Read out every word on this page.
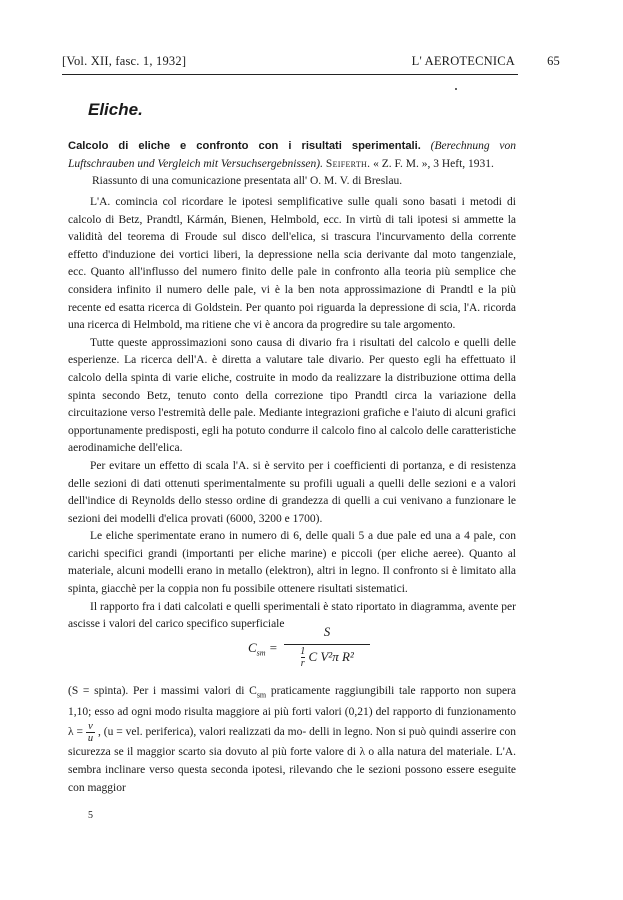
[Vol. XII, fasc. 1, 1932]	L' AEROTECNICA	65
Eliche.

Calcolo di eliche e confronto con i risultati sperimentali. (Berechnung von Luftschrauben und Vergleich mit Versuchsergebnissen). Seiferth. « Z. F. M. », 3 Heft, 1931.

Riassunto di una comunicazione presentata all' O. M. V. di Breslau.

L'A. comincia col ricordare le ipotesi semplificative sulle quali sono basati i metodi di calcolo di Betz, Prandtl, Kármán, Bienen, Helmbold, ecc. In virtù di tali ipotesi si ammette la validità del teorema di Froude sul disco dell'elica, si trascura l'incurvamento della corrente effetto d'induzione dei vortici liberi, la depressione nella scia derivante dal moto tangenziale, ecc. Quanto all'influsso del numero finito delle pale in confronto alla teoria più semplice che considera infinito il numero delle pale, vi è la ben nota approssimazione di Prandtl e la più recente ed esatta ricerca di Goldstein. Per quanto poi riguarda la depressione di scia, l'A. ricorda una ricerca di Helmbold, ma ritiene che vi è ancora da progredire su tale argomento.

Tutte queste approssimazioni sono causa di divario fra i risultati del calcolo e quelli delle esperienze. La ricerca dell'A. è diretta a valutare tale divario. Per questo egli ha effettuato il calcolo della spinta di varie eliche, costruite in modo da realizzare la distribuzione ottima della spinta secondo Betz, tenuto conto della correzione tipo Prandtl circa la variazione della circuitazione verso l'estremità delle pale. Mediante integrazioni grafiche e l'aiuto di alcuni grafici opportunamente predisposti, egli ha potuto condurre il calcolo fino al calcolo delle caratteristiche aerodinamiche dell'elica.

Per evitare un effetto di scala l'A. si è servito per i coefficienti di portanza, e di resistenza delle sezioni di dati ottenuti sperimentalmente su profili uguali a quelli delle sezioni e a valori dell'indice di Reynolds dello stesso ordine di grandezza di quelli a cui venivano a funzionare le sezioni dei modelli d'elica provati (6000, 3200 e 1700).

Le eliche sperimentate erano in numero di 6, delle quali 5 a due pale ed una a 4 pale, con carichi specifici grandi (importanti per eliche marine) e piccoli (per eliche aeree). Quanto al materiale, alcuni modelli erano in metallo (elektron), altri in legno. Il confronto si è limitato alla spinta, giacchè per la coppia non fu possibile ottenere risultati sistematici.

Il rapporto fra i dati calcolati e quelli sperimentali è stato riportato in diagramma, avente per ascisse i valori del carico specifico superficiale

$C_{sm}$ =
S
$\frac{1}{r}$ C V²π R²

(S = spinta). Per i massimi valori di $C_{sm}$ praticamente raggiungibili tale rapporto non supera 1,10; esso ad ogni modo risulta maggiore ai più forti valori (0,21) del rapporto di funzionamento $\lambda = \frac{v}{u}$ , (u = vel. periferica), valori realizzati da mo- delli in legno. Non si può quindi asserire con sicurezza se il maggior scarto sia dovuto al più forte valore di λ o alla natura del materiale. L'A. sembra inclinare verso questa seconda ipotesi, rilevando che le sezioni possono essere eseguite con maggior

5
